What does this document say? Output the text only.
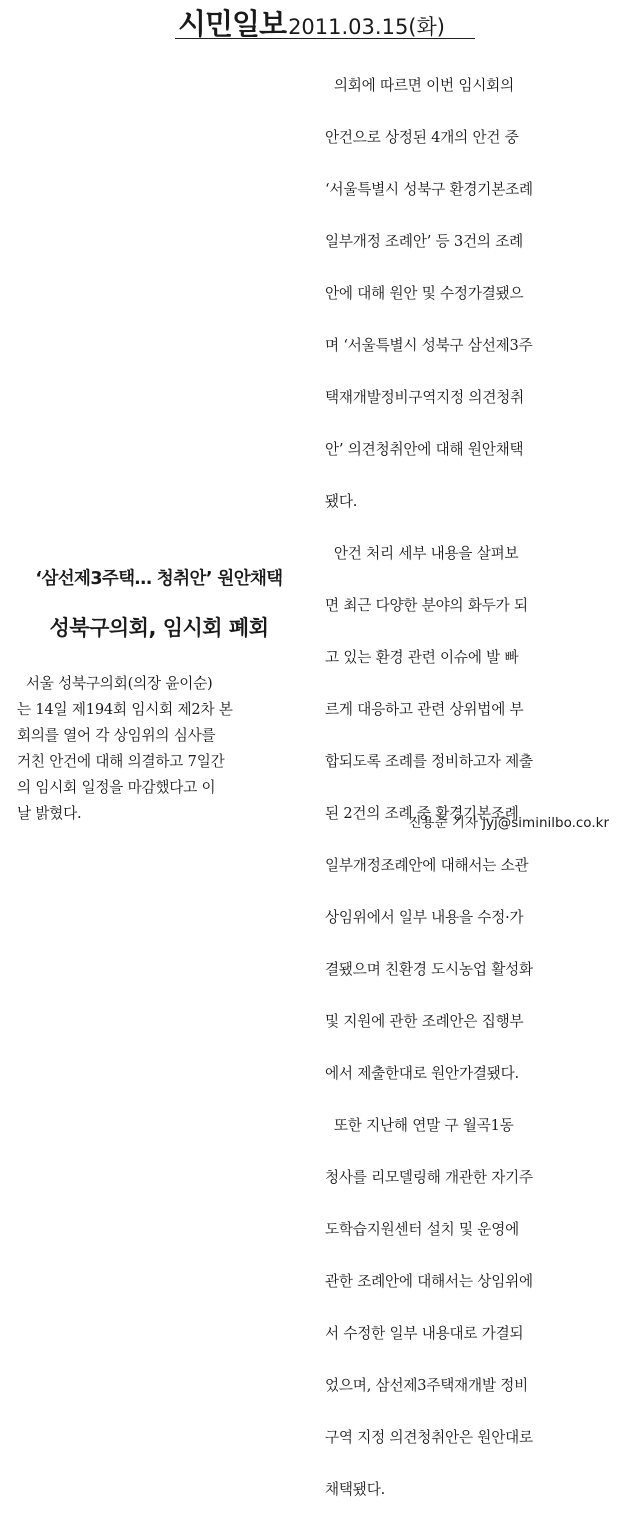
시민일보 2011.03.15(화)
의회에 따르면 이번 임시회의

안건으로 상정된 4개의 안건 중

‘서울특별시 성북구 환경기본조례

일부개정 조례안’ 등 3건의 조례

안에 대해 원안 및 수정가결됐으

며 ‘서울특별시 성북구 삼선제3주

택재개발정비구역지정 의견청취

안’ 의견청취안에 대해 원안채택

됐다.

안건 처리 세부 내용을 살펴보

면 최근 다양한 분야의 화두가 되

고 있는 환경 관련 이슈에 발 빠

르게 대응하고 관련 상위법에 부

합되도록 조례를 정비하고자 제출

된 2건의 조례 중 환경기본조례

일부개정조례안에 대해서는 소관

상임위에서 일부 내용을 수정·가

결됐으며 친환경 도시농업 활성화

및 지원에 관한 조례안은 집행부

에서 제출한대로 원안가결됐다.

또한 지난해 연말 구 월곡1동

청사를 리모델링해 개관한 자기주

도학습지원센터 설치 및 운영에

관한 조례안에 대해서는 상임위에

서 수정한 일부 내용대로 가결되

었으며, 삼선제3주택재개발 정비

구역 지정 의견청취안은 원안대로

채택됐다.

‘삼선제3주택… 청취안’ 원안채택

성북구의회, 임시회 폐회

서울 성북구의회(의장 윤이순)
는 14일 제194회 임시회 제2차 본
회의를 열어 각 상임위의 심사를
거친 안건에 대해 의결하고 7일간
의 임시회 일정을 마감했다고 이
날 밝혔다.

진용준 기자 jyj@siminilbo.co.kr
